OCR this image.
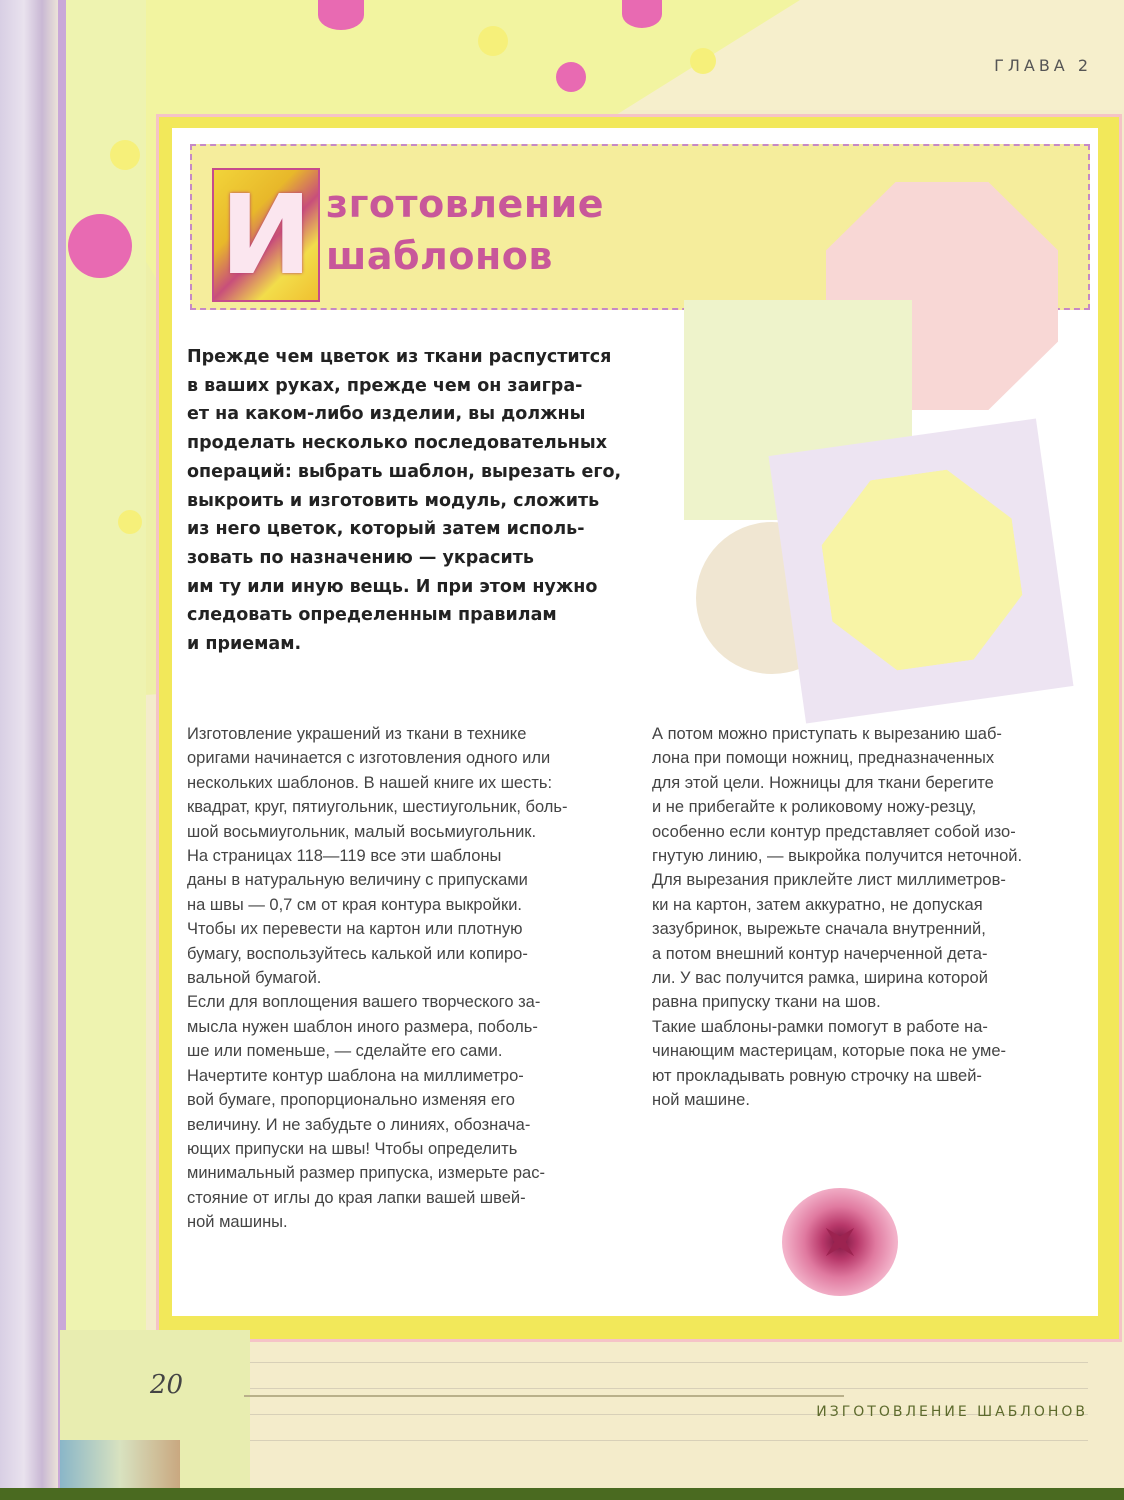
ГЛАВА 2
И зготовление
шаблонов
Прежде чем цветок из ткани распустится
в ваших руках, прежде чем он заигра-
ет на каком-либо изделии, вы должны
проделать несколько последовательных
операций: выбрать шаблон, вырезать его,
выкроить и изготовить модуль, сложить
из него цветок, который затем исполь-
зовать по назначению — украсить
им ту или иную вещь. И при этом нужно
следовать определенным правилам
и приемам.
Изготовление украшений из ткани в технике
оригами начинается с изготовления одного или
нескольких шаблонов. В нашей книге их шесть:
квадрат, круг, пятиугольник, шестиугольник, боль-
шой восьмиугольник, малый восьмиугольник.
На страницах 118—119 все эти шаблоны
даны в натуральную величину с припусками
на швы — 0,7 см от края контура выкройки.
Чтобы их перевести на картон или плотную
бумагу, воспользуйтесь калькой или копиро-
вальной бумагой.
Если для воплощения вашего творческого за-
мысла нужен шаблон иного размера, поболь-
ше или поменьше, — сделайте его сами.
Начертите контур шаблона на миллиметро-
вой бумаге, пропорционально изменяя его
величину. И не забудьте о линиях, обознача-
ющих припуски на швы! Чтобы определить
минимальный размер припуска, измерьте рас-
стояние от иглы до края лапки вашей швей-
ной машины.
А потом можно приступать к вырезанию шаб-
лона при помощи ножниц, предназначенных
для этой цели. Ножницы для ткани берегите
и не прибегайте к роликовому ножу-резцу,
особенно если контур представляет собой изо-
гнутую линию, — выкройка получится неточной.
Для вырезания приклейте лист миллиметров-
ки на картон, затем аккуратно, не допуская
зазубринок, вырежьте сначала внутренний,
а потом внешний контур начерченной дета-
ли. У вас получится рамка, ширина которой
равна припуску ткани на шов.
Такие шаблоны-рамки помогут в работе на-
чинающим мастерицам, которые пока не уме-
ют прокладывать ровную строчку на швей-
ной машине.
20
ИЗГОТОВЛЕНИЕ ШАБЛОНОВ
